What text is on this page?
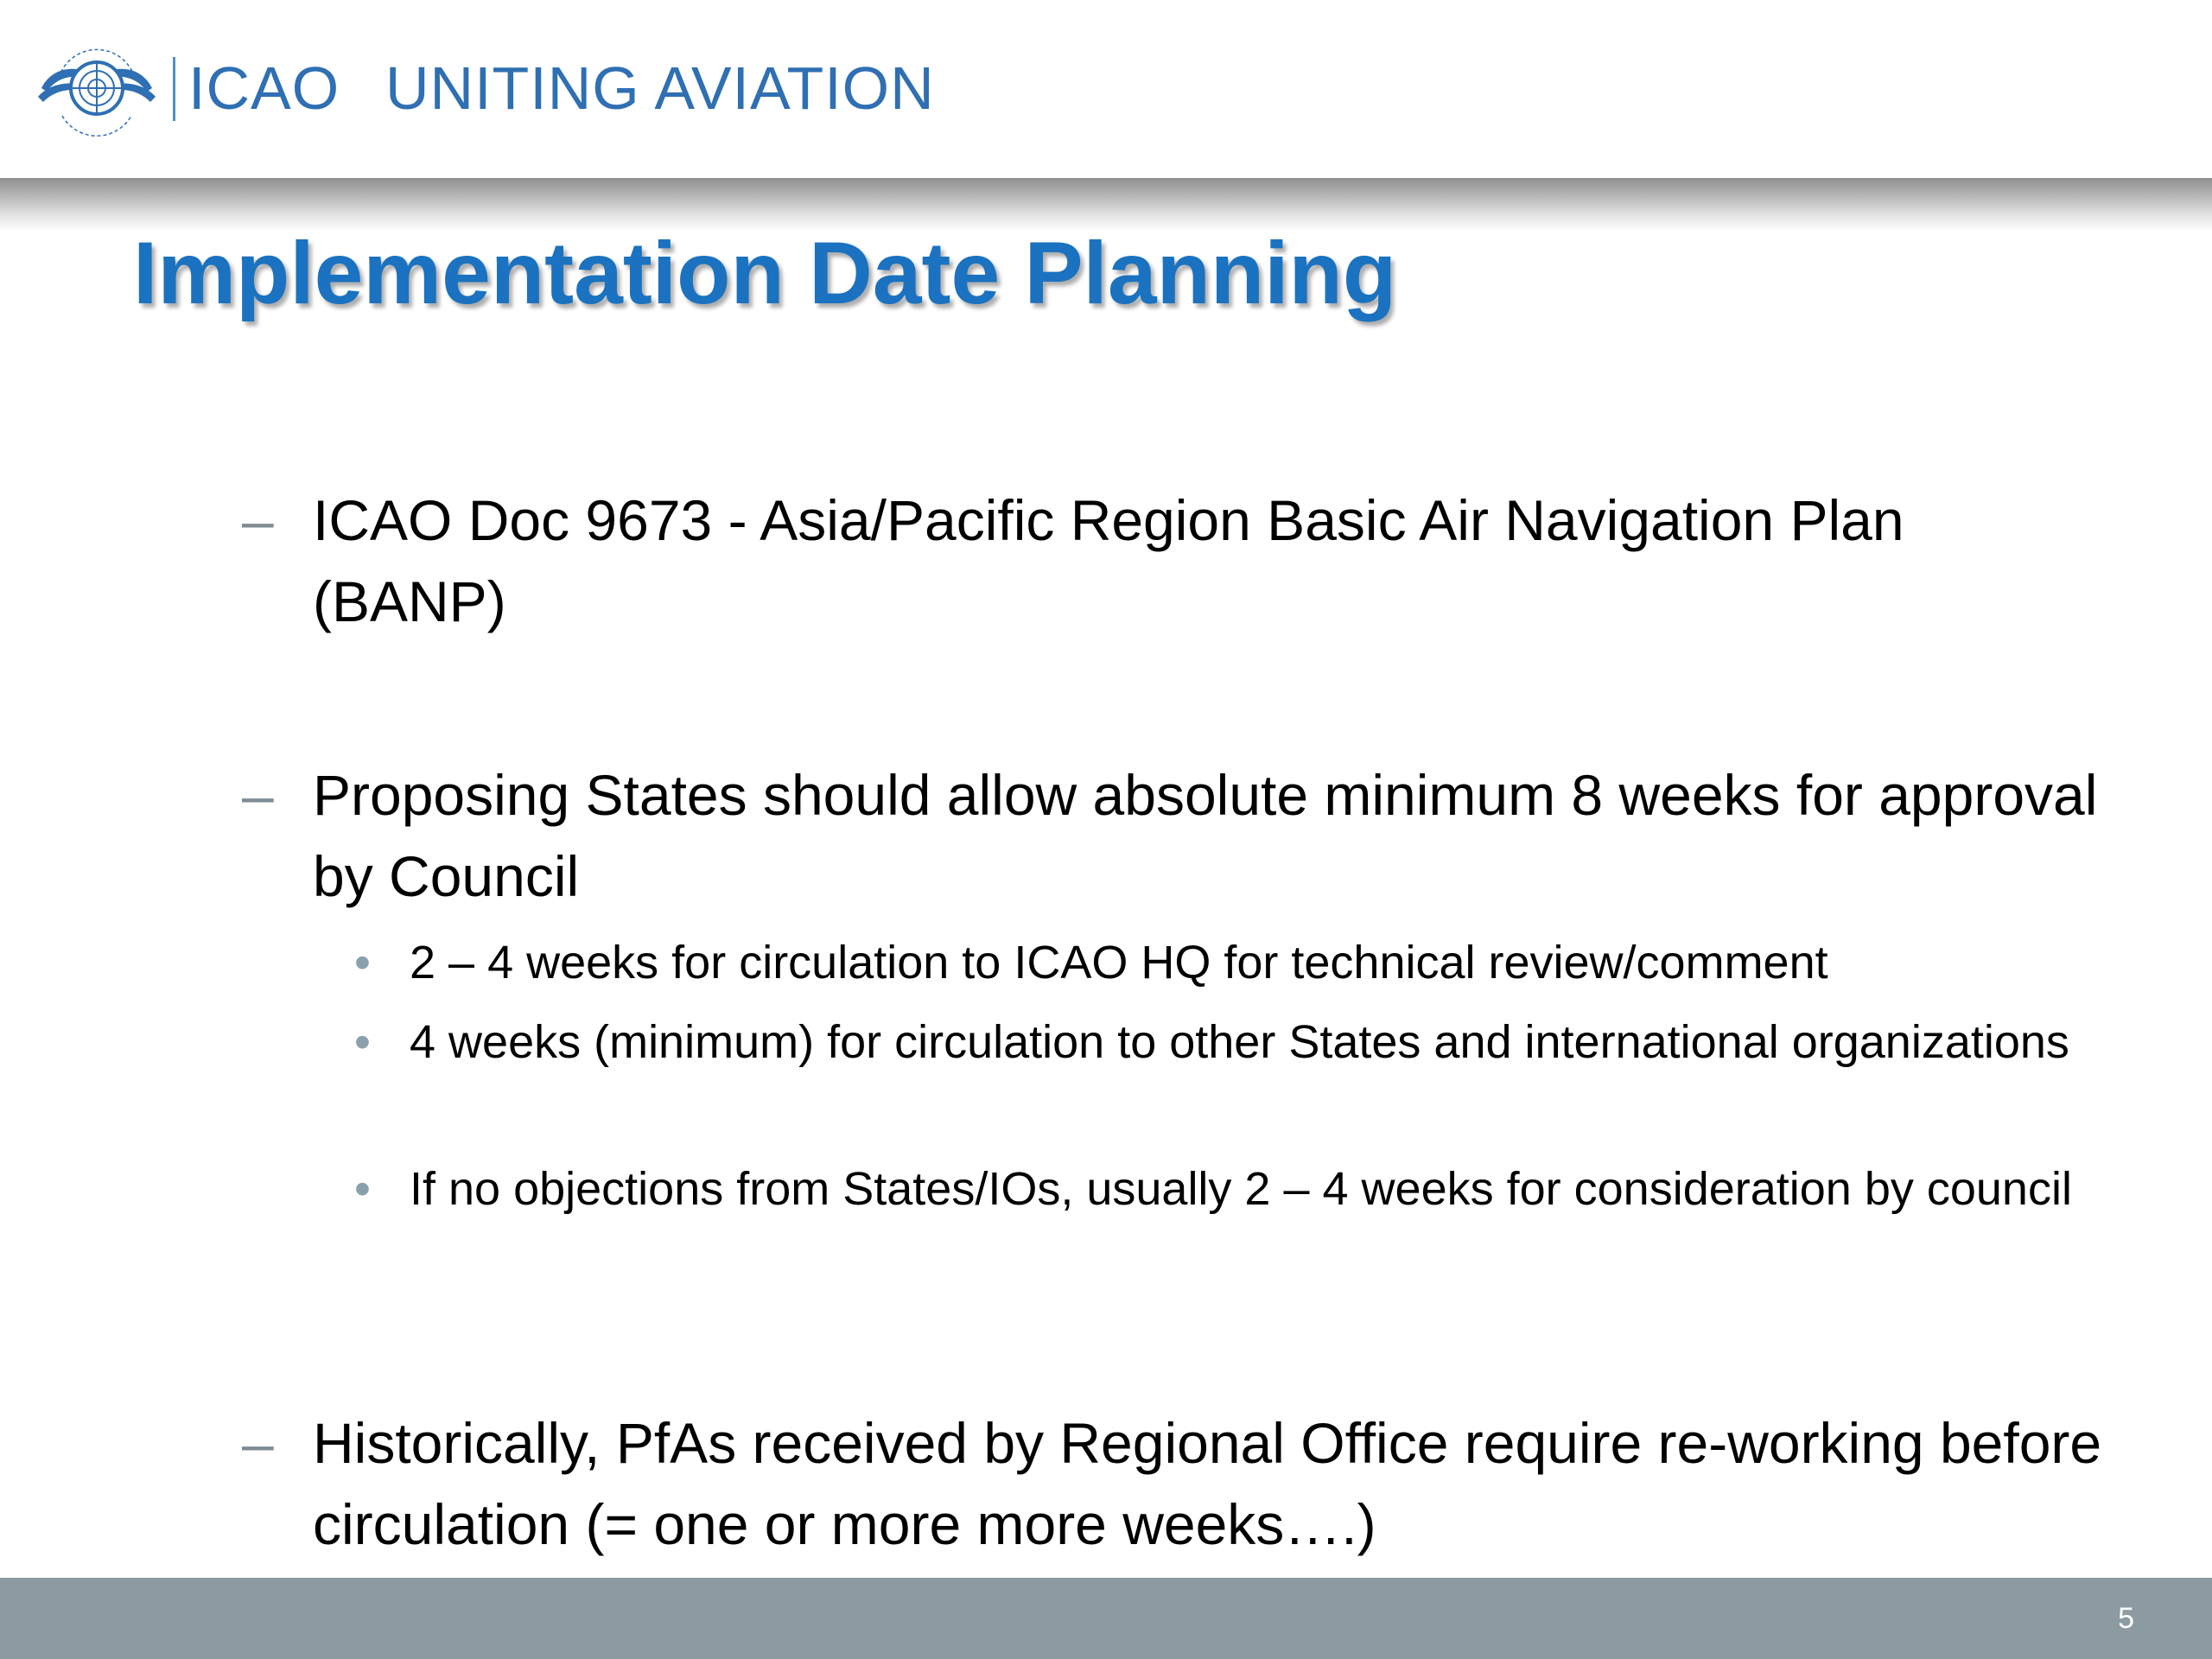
ICAO UNITING AVIATION
Implementation Date Planning
– ICAO Doc 9673 - Asia/Pacific Region Basic Air Navigation Plan (BANP)
– Proposing States should allow absolute minimum 8 weeks for approval by Council
• 2 – 4 weeks for circulation to ICAO HQ for technical review/comment
• 4 weeks (minimum) for circulation to other States and international organizations
• If no objections from States/IOs, usually 2 – 4 weeks for consideration by council
– Historically, PfAs received by Regional Office require re-working before circulation (= one or more more weeks….)
5
